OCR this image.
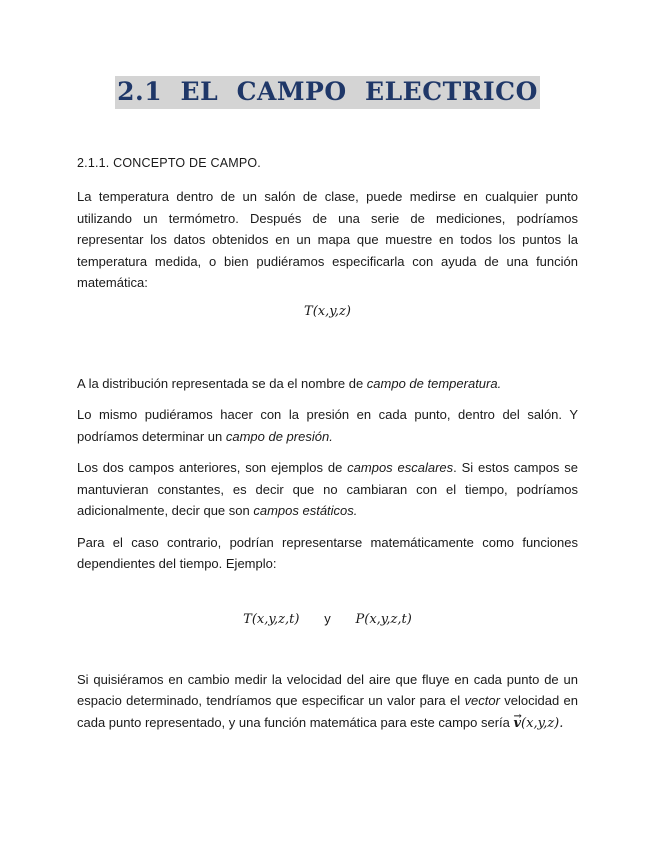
2.1  EL  CAMPO  ELECTRICO
2.1.1. CONCEPTO DE CAMPO.

La temperatura dentro de un salón de clase, puede medirse en cualquier punto utilizando un termómetro. Después de una serie de mediciones, podríamos representar los datos obtenidos en un mapa que muestre en todos los puntos la temperatura medida, o bien pudiéramos especificarla con ayuda de una función matemática:

T(x,y,z)

A la distribución representada se da el nombre de campo de temperatura.

Lo mismo pudiéramos hacer con la presión en cada punto, dentro del salón. Y podríamos determinar un campo de presión.

Los dos campos anteriores, son ejemplos de campos escalares. Si estos campos se mantuvieran constantes, es decir que no cambiaran con el tiempo, podríamos adicionalmente, decir que son campos estáticos.

Para el caso contrario, podrían representarse matemáticamente como funciones dependientes del tiempo. Ejemplo:

T(x,y,z,t) y P(x,y,z,t)

Si quisiéramos en cambio medir la velocidad del aire que fluye en cada punto de un espacio determinado, tendríamos que especificar un valor para el vector velocidad en cada punto representado, y una función matemática para este campo sería → v(x,y,z).
